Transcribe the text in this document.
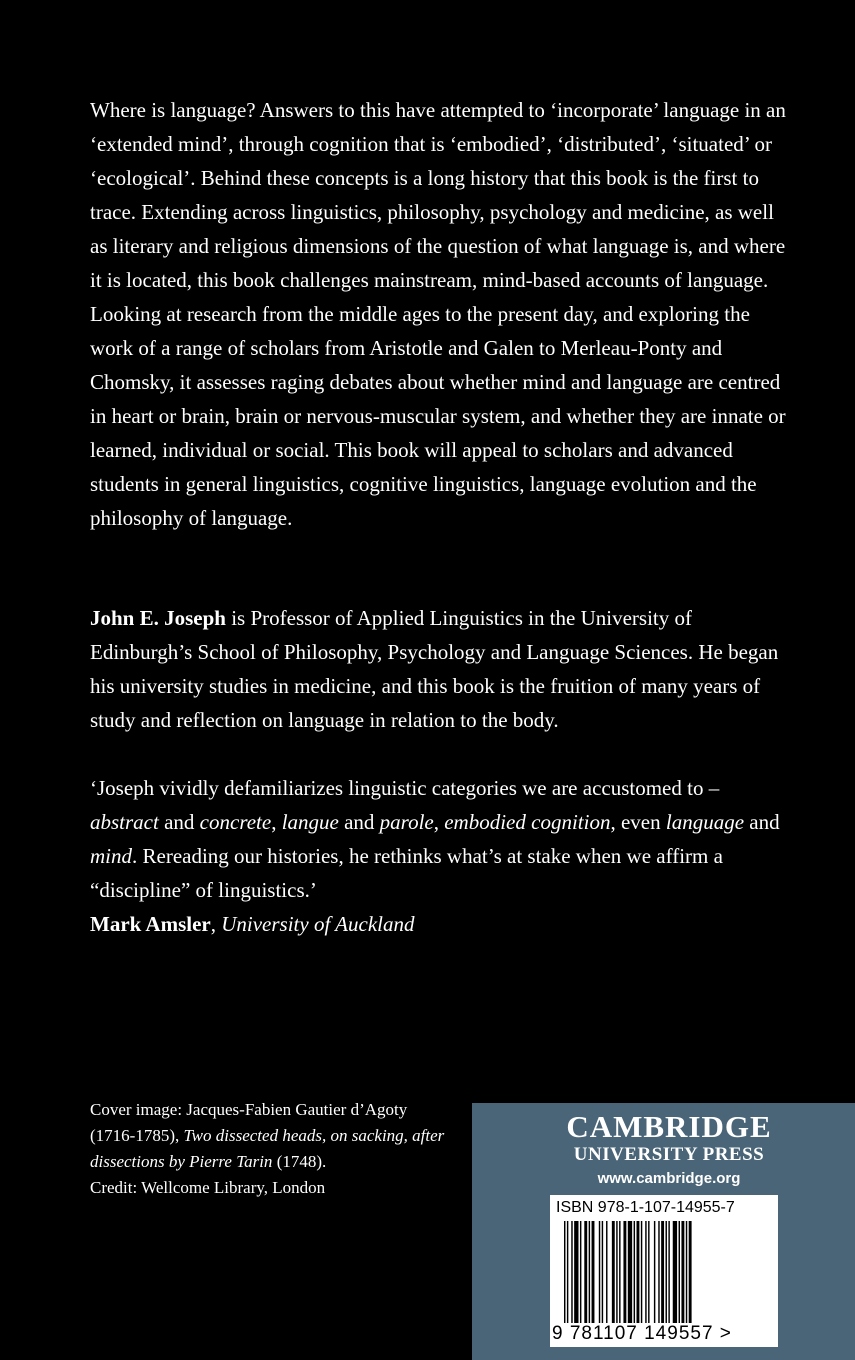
Where is language? Answers to this have attempted to ‘incorporate’ language in an ‘extended mind’, through cognition that is ‘embodied’, ‘distributed’, ‘situated’ or ‘ecological’. Behind these concepts is a long history that this book is the first to trace. Extending across linguistics, philosophy, psychology and medicine, as well as literary and religious dimensions of the question of what language is, and where it is located, this book challenges mainstream, mind-based accounts of language. Looking at research from the middle ages to the present day, and exploring the work of a range of scholars from Aristotle and Galen to Merleau-Ponty and Chomsky, it assesses raging debates about whether mind and language are centred in heart or brain, brain or nervous-muscular system, and whether they are innate or learned, individual or social. This book will appeal to scholars and advanced students in general linguistics, cognitive linguistics, language evolution and the philosophy of language.

John E. Joseph is Professor of Applied Linguistics in the University of Edinburgh’s School of Philosophy, Psychology and Language Sciences. He began his university studies in medicine, and this book is the fruition of many years of study and reflection on language in relation to the body.

‘Joseph vividly defamiliarizes linguistic categories we are accustomed to – abstract and concrete, langue and parole, embodied cognition, even language and mind. Rereading our histories, he rethinks what’s at stake when we affirm a “discipline” of linguistics.’
Mark Amsler, University of Auckland
Cover image: Jacques-Fabien Gautier d’Agoty (1716-1785), Two dissected heads, on sacking, after dissections by Pierre Tarin (1748).
Credit: Wellcome Library, London
CAMBRIDGE
UNIVERSITY PRESS
www.cambridge.org
ISBN 978-1-107-14955-7
9 781107 149557 >
